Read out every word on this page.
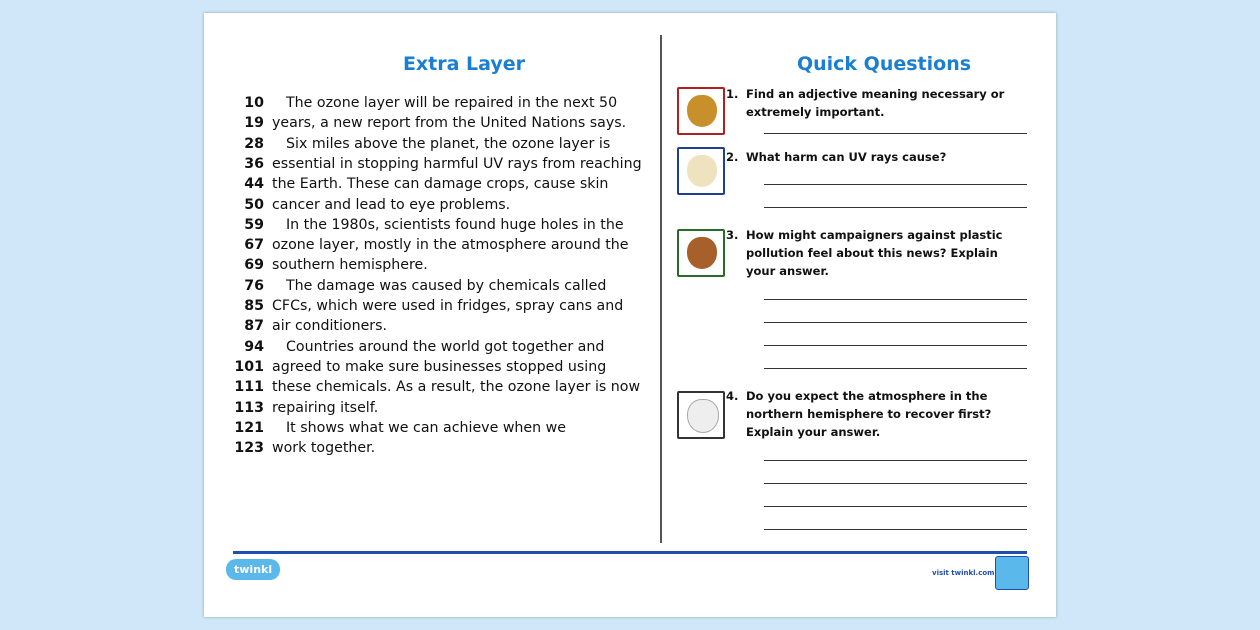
Extra Layer
10 The ozone layer will be repaired in the next 50
19 years, a new report from the United Nations says.
28 Six miles above the planet, the ozone layer is
36 essential in stopping harmful UV rays from reaching
44 the Earth. These can damage crops, cause skin
50 cancer and lead to eye problems.
59 In the 1980s, scientists found huge holes in the
67 ozone layer, mostly in the atmosphere around the
69 southern hemisphere.
76 The damage was caused by chemicals called
85 CFCs, which were used in fridges, spray cans and
87 air conditioners.
94 Countries around the world got together and
101 agreed to make sure businesses stopped using
111 these chemicals. As a result, the ozone layer is now
113 repairing itself.
121 It shows what we can achieve when we
123 work together.
Quick Questions
1. Find an adjective meaning necessary or extremely important.
2. What harm can UV rays cause?
3. How might campaigners against plastic pollution feel about this news? Explain your answer.
4. Do you expect the atmosphere in the northern hemisphere to recover first? Explain your answer.
twinkl	visit twinkl.com
